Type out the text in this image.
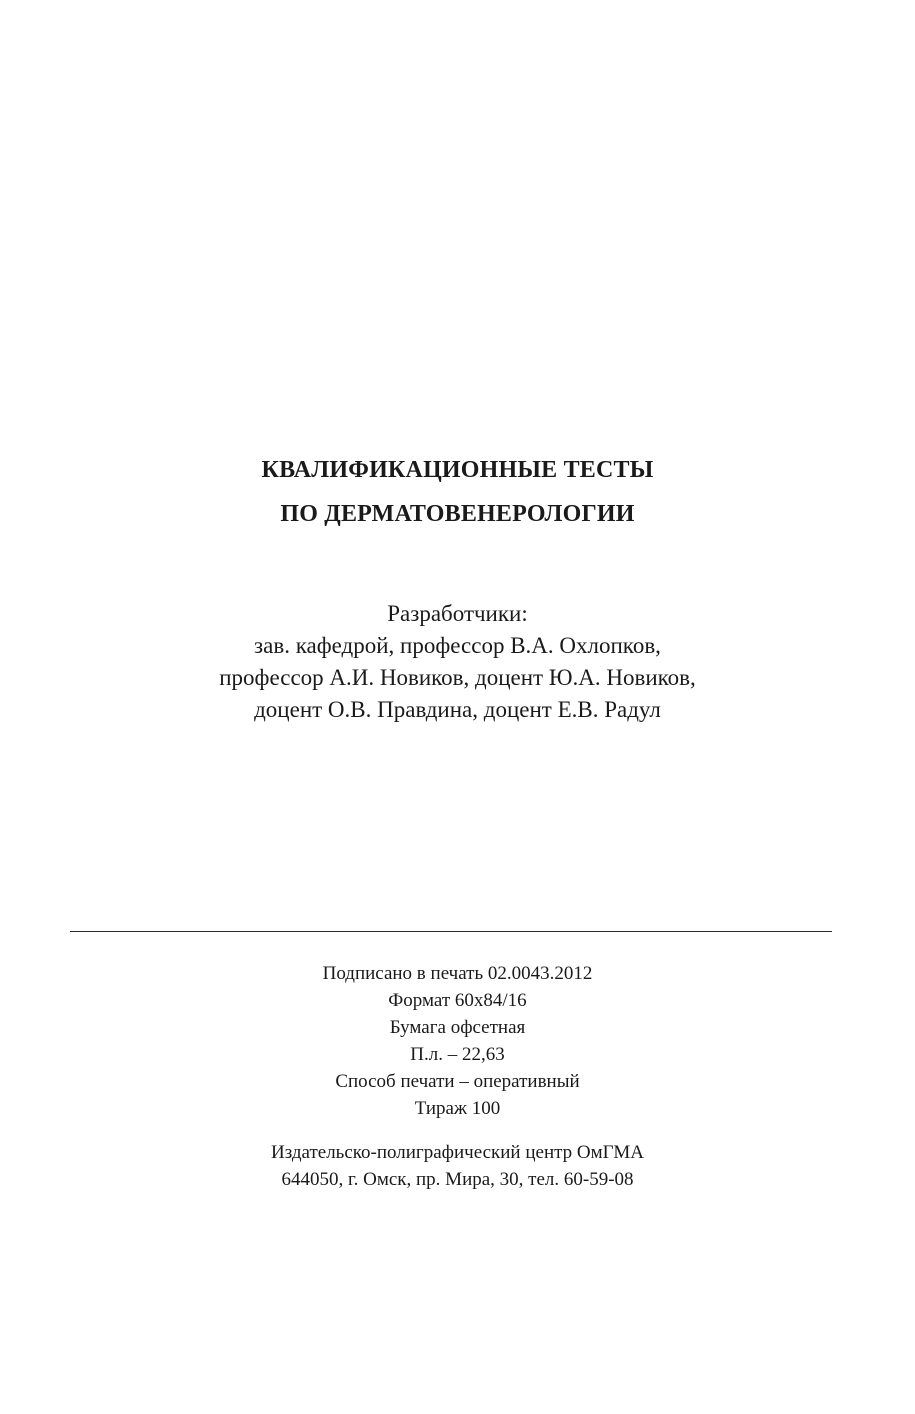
КВАЛИФИКАЦИОННЫЕ ТЕСТЫ
ПО ДЕРМАТОВЕНЕРОЛОГИИ
Разработчики:
зав. кафедрой, профессор В.А. Охлопков,
профессор А.И. Новиков, доцент Ю.А. Новиков,
доцент О.В. Правдина, доцент Е.В. Радул
Подписано в печать 02.0043.2012
Формат 60х84/16
Бумага офсетная
П.л. – 22,63
Способ печати – оперативный
Тираж 100
Издательско-полиграфический центр ОмГМА
644050, г. Омск, пр. Мира, 30, тел. 60-59-08
